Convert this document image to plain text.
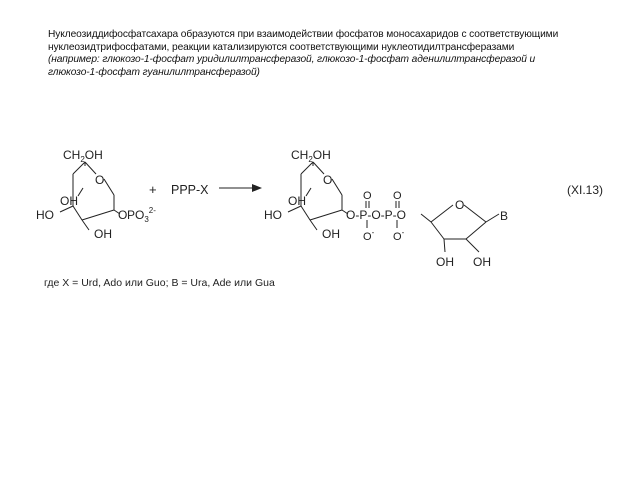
Нуклеозиддифосфатсахара образуются при взаимодействии фосфатов моносахаридов с соответствующими
нуклеозидтрифосфатами, реакции катализируются соответствующими нуклеотидилтрансферазами
(например: глюкозо-1-фосфат уридилилтрансферазой, глюкозо-1-фосфат аденилилтрансферазой и
глюкозо-1-фосфат гуанилилтрансферазой)
$CH_2OH$
O
OH
HO	O $PO_3^{2-}$
OH
+ PPP-X
$CH_2OH$
O
OH
HO
OH
O-P-O-P-O
O O
O- O-
O
B
OH OH
(XI.13)
где X = Urd, Ado или Guo; B = Ura, Ade или Gua
